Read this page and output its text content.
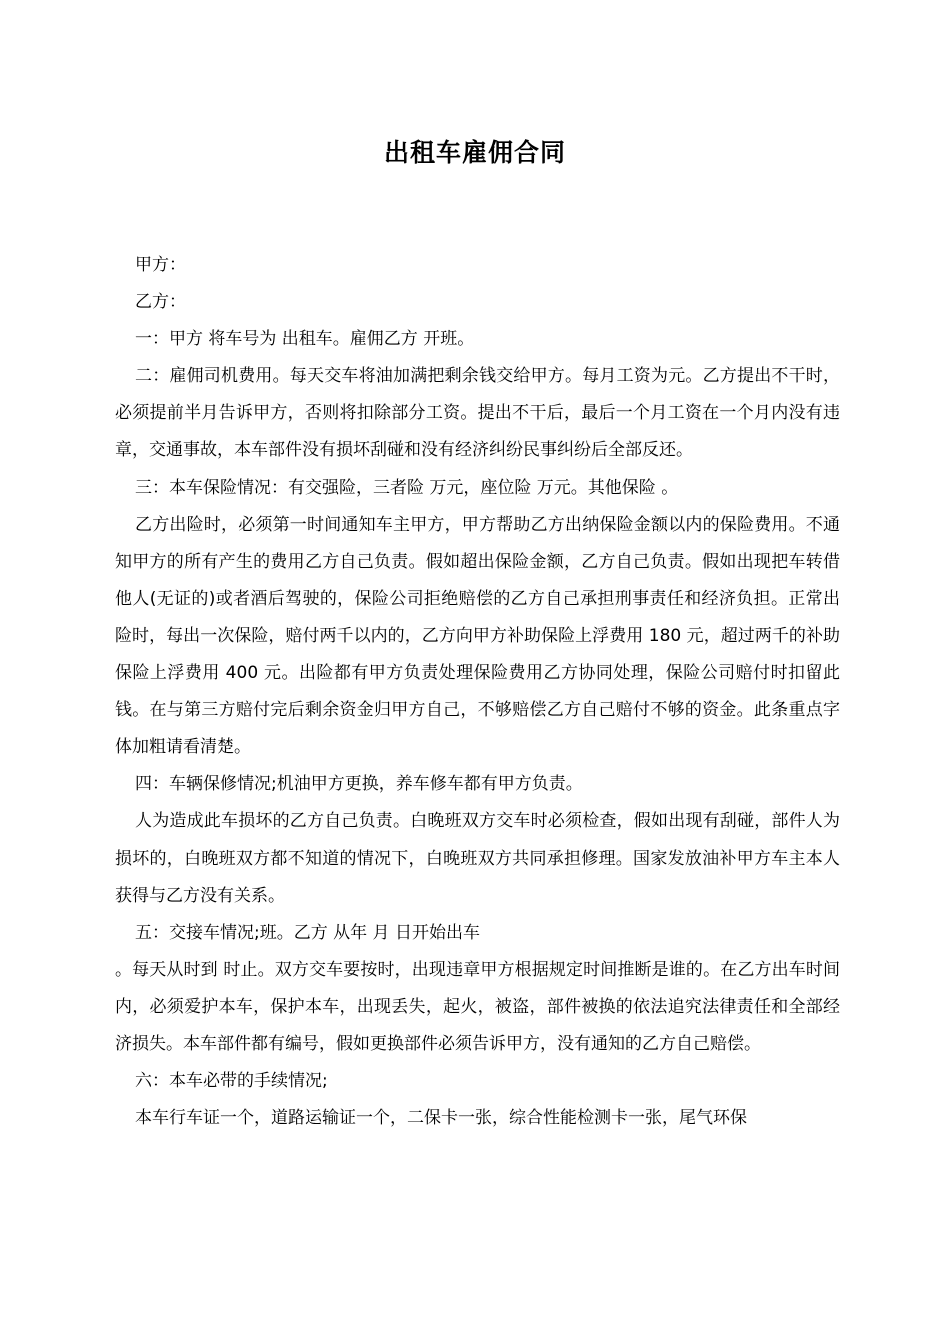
出租车雇佣合同

甲方：

乙方：

一：甲方 将车号为 出租车。雇佣乙方 开班。

二：雇佣司机费用。每天交车将油加满把剩余钱交给甲方。每月工资为元。乙方提出不干时，必须提前半月告诉甲方，否则将扣除部分工资。提出不干后，最后一个月工资在一个月内没有违章，交通事故，本车部件没有损坏刮碰和没有经济纠纷民事纠纷后全部反还。

三：本车保险情况：有交强险，三者险 万元，座位险 万元。其他保险 。

乙方出险时，必须第一时间通知车主甲方，甲方帮助乙方出纳保险金额以内的保险费用。不通知甲方的所有产生的费用乙方自己负责。假如超出保险金额，乙方自己负责。假如出现把车转借他人(无证的)或者酒后驾驶的，保险公司拒绝赔偿的乙方自己承担刑事责任和经济负担。正常出险时，每出一次保险，赔付两千以内的，乙方向甲方补助保险上浮费用 180 元，超过两千的补助保险上浮费用 400 元。出险都有甲方负责处理保险费用乙方协同处理，保险公司赔付时扣留此钱。在与第三方赔付完后剩余资金归甲方自己，不够赔偿乙方自己赔付不够的资金。此条重点字体加粗请看清楚。

四：车辆保修情况;机油甲方更换，养车修车都有甲方负责。

人为造成此车损坏的乙方自己负责。白晚班双方交车时必须检查，假如出现有刮碰，部件人为损坏的，白晚班双方都不知道的情况下，白晚班双方共同承担修理。国家发放油补甲方车主本人获得与乙方没有关系。

五：交接车情况;班。乙方 从年 月 日开始出车

。每天从时到 时止。双方交车要按时，出现违章甲方根据规定时间推断是谁的。在乙方出车时间内，必须爱护本车，保护本车，出现丢失，起火，被盗，部件被换的依法追究法律责任和全部经济损失。本车部件都有编号，假如更换部件必须告诉甲方，没有通知的乙方自己赔偿。

六：本车必带的手续情况;

本车行车证一个，道路运输证一个，二保卡一张，综合性能检测卡一张，尾气环保
